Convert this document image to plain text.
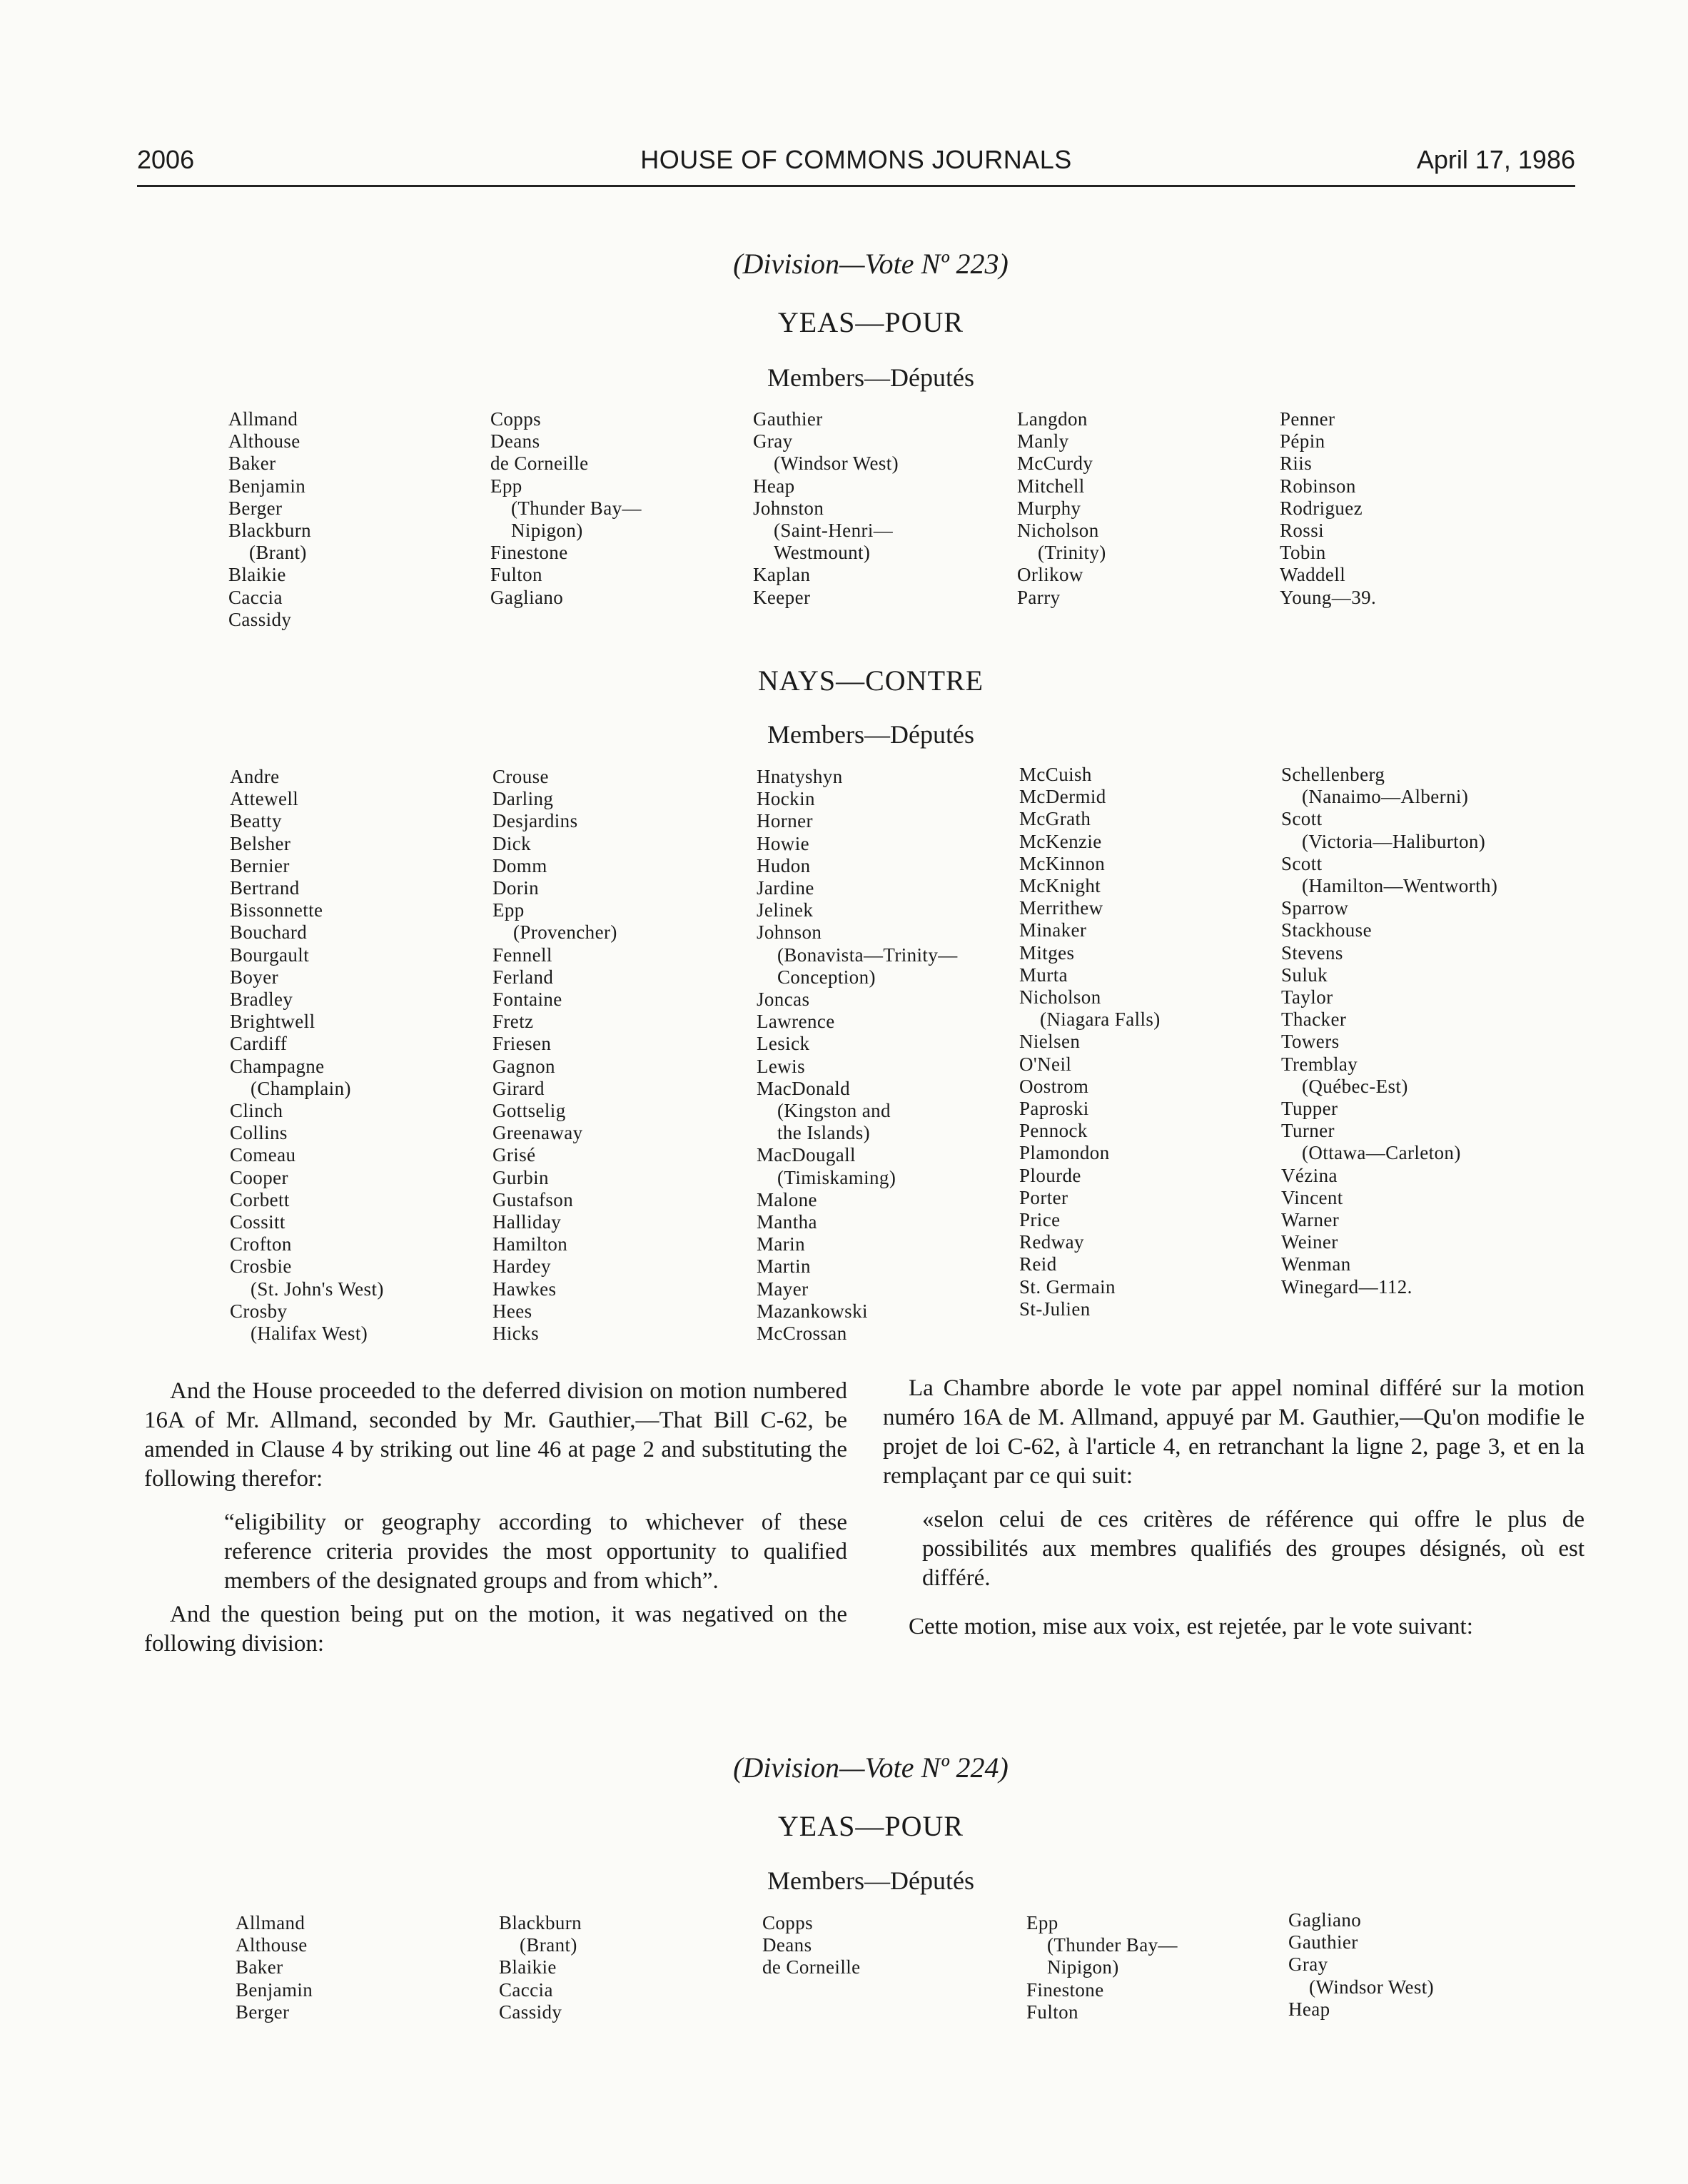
2006	HOUSE OF COMMONS JOURNALS	April 17, 1986
(Division—Vote Nº 223)
YEAS—POUR
Members—Députés
Allmand
Althouse
Baker
Benjamin
Berger
Blackburn
(Brant)
Blaikie
Caccia
Cassidy
Copps
Deans
de Corneille
Epp
(Thunder Bay—
Nipigon)
Finestone
Fulton
Gagliano
Gauthier
Gray
(Windsor West)
Heap
Johnston
(Saint-Henri—
Westmount)
Kaplan
Keeper
Langdon
Manly
McCurdy
Mitchell
Murphy
Nicholson
(Trinity)
Orlikow
Parry
Penner
Pépin
Riis
Robinson
Rodriguez
Rossi
Tobin
Waddell
Young—39.
NAYS—CONTRE
Members—Députés
Andre
Attewell
Beatty
Belsher
Bernier
Bertrand
Bissonnette
Bouchard
Bourgault
Boyer
Bradley
Brightwell
Cardiff
Champagne
(Champlain)
Clinch
Collins
Comeau
Cooper
Corbett
Cossitt
Crofton
Crosbie
(St. John's West)
Crosby
(Halifax West)
Crouse
Darling
Desjardins
Dick
Domm
Dorin
Epp
(Provencher)
Fennell
Ferland
Fontaine
Fretz
Friesen
Gagnon
Girard
Gottselig
Greenaway
Grisé
Gurbin
Gustafson
Halliday
Hamilton
Hardey
Hawkes
Hees
Hicks
Hnatyshyn
Hockin
Horner
Howie
Hudon
Jardine
Jelinek
Johnson
(Bonavista—Trinity—
Conception)
Joncas
Lawrence
Lesick
Lewis
MacDonald
(Kingston and
the Islands)
MacDougall
(Timiskaming)
Malone
Mantha
Marin
Martin
Mayer
Mazankowski
McCrossan
McCuish
McDermid
McGrath
McKenzie
McKinnon
McKnight
Merrithew
Minaker
Mitges
Murta
Nicholson
(Niagara Falls)
Nielsen
O'Neil
Oostrom
Paproski
Pennock
Plamondon
Plourde
Porter
Price
Redway
Reid
St. Germain
St-Julien
Schellenberg
(Nanaimo—Alberni)
Scott
(Victoria—Haliburton)
Scott
(Hamilton—Wentworth)
Sparrow
Stackhouse
Stevens
Suluk
Taylor
Thacker
Towers
Tremblay
(Québec-Est)
Tupper
Turner
(Ottawa—Carleton)
Vézina
Vincent
Warner
Weiner
Wenman
Winegard—112.

And the House proceeded to the deferred division on motion numbered 16A of Mr. Allmand, seconded by Mr. Gauthier,—That Bill C-62, be amended in Clause 4 by striking out line 46 at page 2 and substituting the following therefor:

“eligibility or geography according to whichever of these reference criteria provides the most opportunity to qualified members of the designated groups and from which”.

And the question being put on the motion, it was negatived on the following division:

La Chambre aborde le vote par appel nominal différé sur la motion numéro 16A de M. Allmand, appuyé par M. Gauthier,—Qu'on modifie le projet de loi C-62, à l'article 4, en retranchant la ligne 2, page 3, et en la remplaçant par ce qui suit:

«selon celui de ces critères de référence qui offre le plus de possibilités aux membres qualifiés des groupes désignés, où est différé.

Cette motion, mise aux voix, est rejetée, par le vote suivant:

(Division—Vote Nº 224)
YEAS—POUR
Members—Députés
Allmand
Althouse
Baker
Benjamin
Berger
Blackburn
(Brant)
Blaikie
Caccia
Cassidy
Copps
Deans
de Corneille
Epp
(Thunder Bay—
Nipigon)
Finestone
Fulton
Gagliano
Gauthier
Gray
(Windsor West)
Heap
